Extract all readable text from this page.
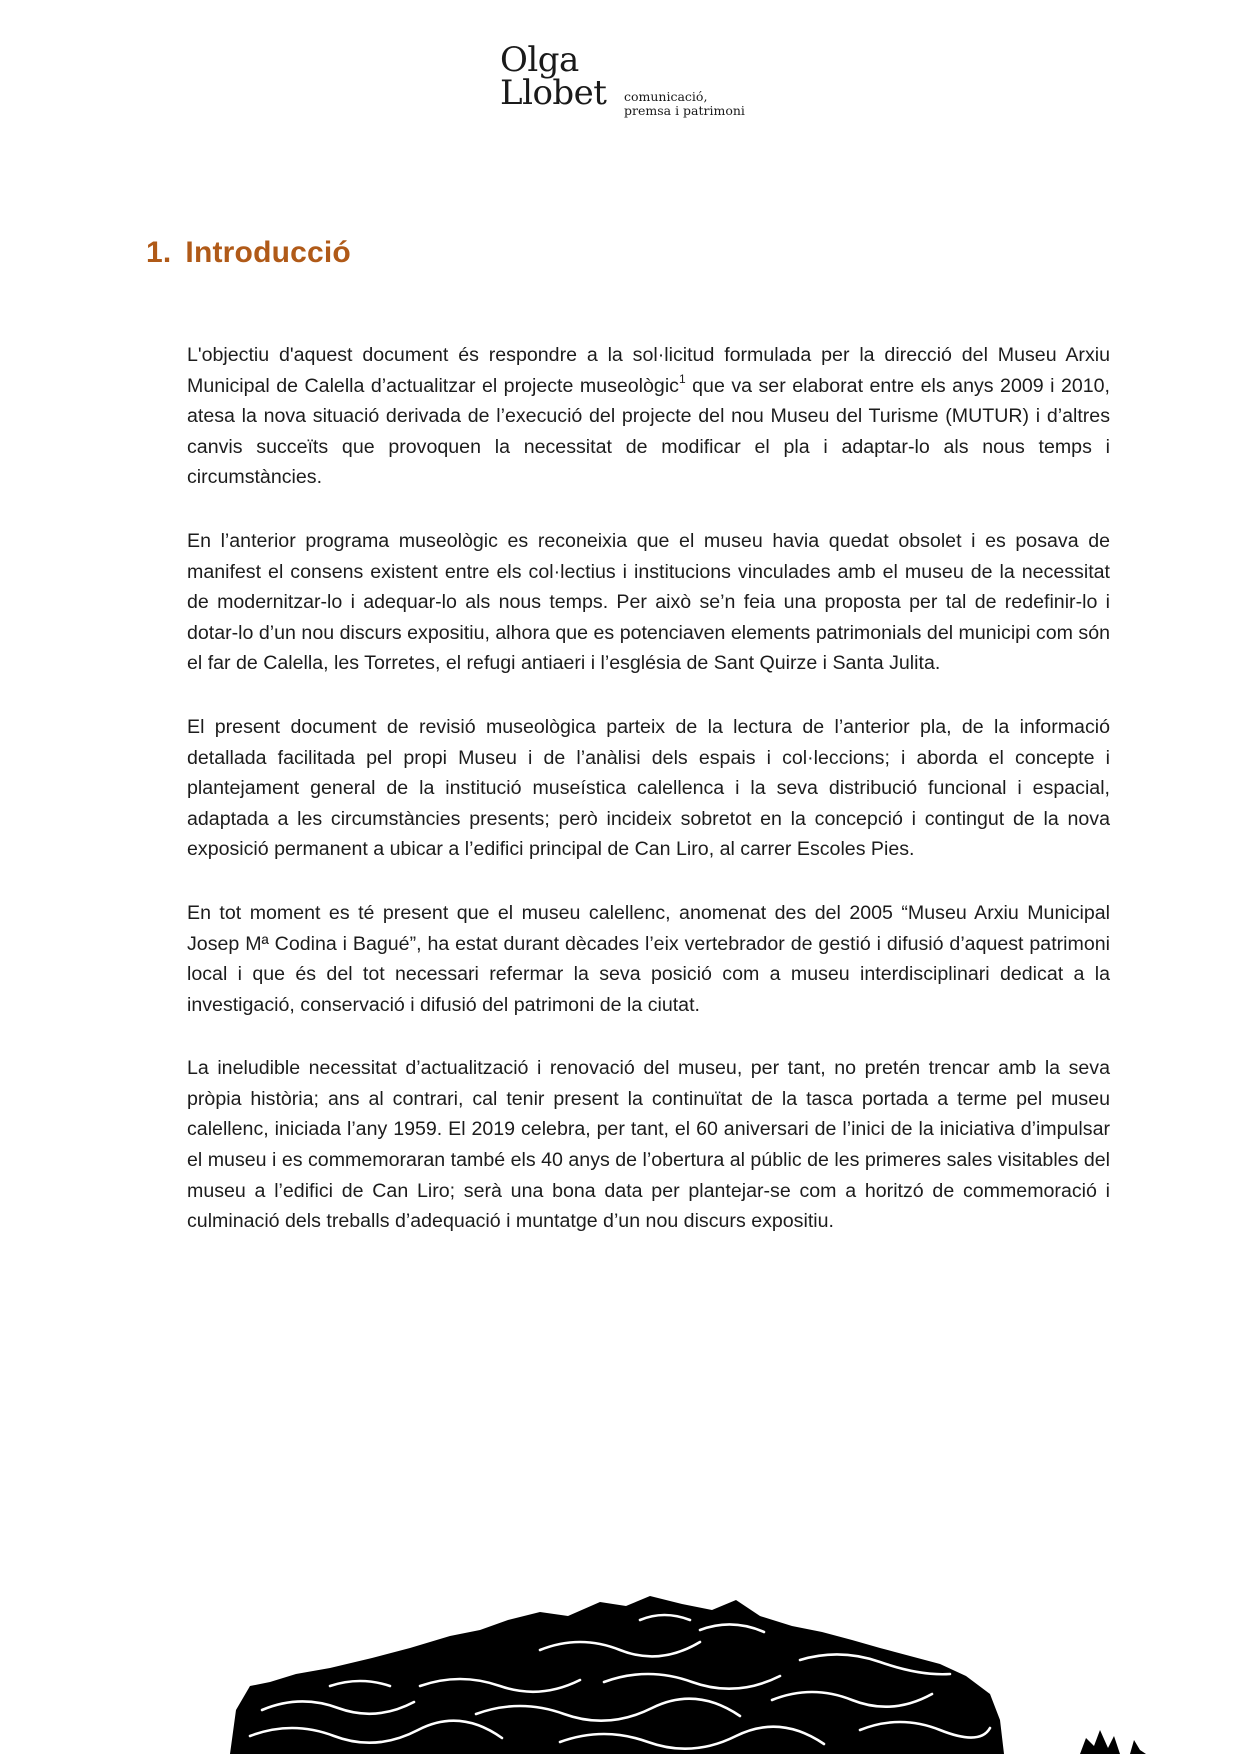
Olga
Llobet comunicació,
premsa i patrimoni
1. Introducció

L'objectiu d'aquest document és respondre a la sol·licitud formulada per la direcció del Museu Arxiu Municipal de Calella d’actualitzar el projecte museològic$^1$ que va ser elaborat entre els anys 2009 i 2010, atesa la nova situació derivada de l’execució del projecte del nou Museu del Turisme (MUTUR) i d’altres canvis succeïts que provoquen la necessitat de modificar el pla i adaptar-lo als nous temps i circumstàncies.

En l’anterior programa museològic es reconeixia que el museu havia quedat obsolet i es posava de manifest el consens existent entre els col·lectius i institucions vinculades amb el museu de la necessitat de modernitzar-lo i adequar-lo als nous temps. Per això se’n feia una proposta per tal de redefinir-lo i dotar-lo d’un nou discurs expositiu, alhora que es potenciaven elements patrimonials del municipi com són el far de Calella, les Torretes, el refugi antiaeri i l’església de Sant Quirze i Santa Julita.

El present document de revisió museològica parteix de la lectura de l’anterior pla, de la informació detallada facilitada pel propi Museu i de l’anàlisi dels espais i col·leccions; i aborda el concepte i plantejament general de la institució museística calellenca i la seva distribució funcional i espacial, adaptada a les circumstàncies presents; però incideix sobretot en la concepció i contingut de la nova exposició permanent a ubicar a l’edifici principal de Can Liro, al carrer Escoles Pies.

En tot moment es té present que el museu calellenc, anomenat des del 2005 “Museu Arxiu Municipal Josep Mª Codina i Bagué”, ha estat durant dècades l’eix vertebrador de gestió i difusió d’aquest patrimoni local i que és del tot necessari refermar la seva posició com a museu interdisciplinari dedicat a la investigació, conservació i difusió del patrimoni de la ciutat.

La ineludible necessitat d’actualització i renovació del museu, per tant, no pretén trencar amb la seva pròpia història; ans al contrari, cal tenir present la continuïtat de la tasca portada a terme pel museu calellenc, iniciada l’any 1959. El 2019 celebra, per tant, el 60 aniversari de l’inici de la iniciativa d’impulsar el museu i es commemoraran també els 40 anys de l’obertura al públic de les primeres sales visitables del museu a l’edifici de Can Liro; serà una bona data per plantejar-se com a horitzó de commemoració i culminació dels treballs d’adequació i muntatge d’un nou discurs expositiu.
